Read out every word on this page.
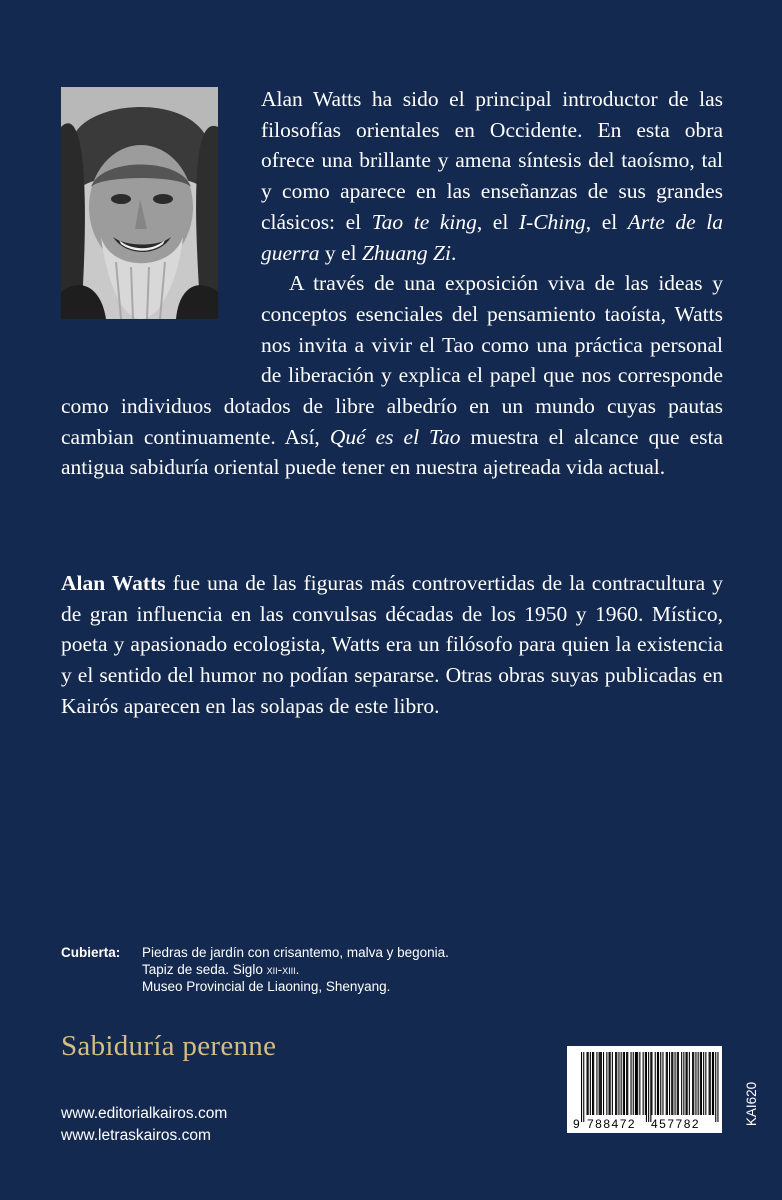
Alan Watts ha sido el principal introductor de las filosofías orientales en Occidente. En esta obra ofrece una brillante y amena síntesis del taoísmo, tal y como aparece en las enseñanzas de sus grandes clásicos: el Tao te king, el I-Ching, el Arte de la guerra y el Zhuang Zi.

A través de una exposición viva de las ideas y conceptos esenciales del pensamiento taoísta, Watts nos invita a vivir el Tao como una práctica personal de liberación y explica el papel que nos corresponde como individuos dotados de libre albedrío en un mundo cuyas pautas cambian continuamente. Así, Qué es el Tao muestra el alcance que esta antigua sabiduría oriental puede tener en nuestra ajetreada vida actual.

Alan Watts fue una de las figuras más controvertidas de la contracultura y de gran influencia en las convulsas décadas de los 1950 y 1960. Místico, poeta y apasionado ecologista, Watts era un filósofo para quien la existencia y el sentido del humor no podían separarse. Otras obras suyas publicadas en Kairós aparecen en las solapas de este libro.

Cubierta: Piedras de jardín con crisantemo, malva y begonia.
Tapiz de seda. Siglo xii-xiii.
Museo Provincial de Liaoning, Shenyang.
Sabiduría perenne
www.editorialkairos.com
www.letraskairos.com
9 788472 457782	KAI620
